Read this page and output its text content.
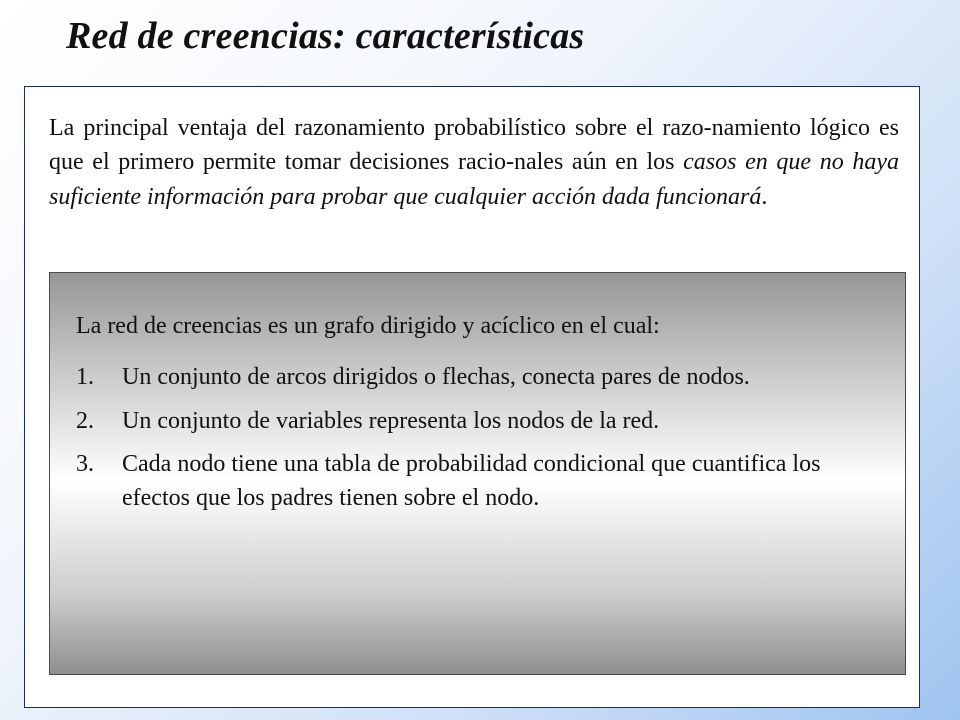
Red de creencias: características

La principal ventaja del razonamiento probabilístico sobre el razo-namiento lógico es que el primero permite tomar decisiones racio-nales aún en los casos en que no haya suficiente información para probar que cualquier acción dada funcionará.

La red de creencias es un grafo dirigido y acíclico en el cual:

1.	Un conjunto de arcos dirigidos o flechas, conecta pares de nodos.
2.	Un conjunto de variables representa los nodos de la red.
3.	Cada nodo tiene una tabla de probabilidad condicional que cuantifica los efectos que los padres tienen sobre el nodo.
